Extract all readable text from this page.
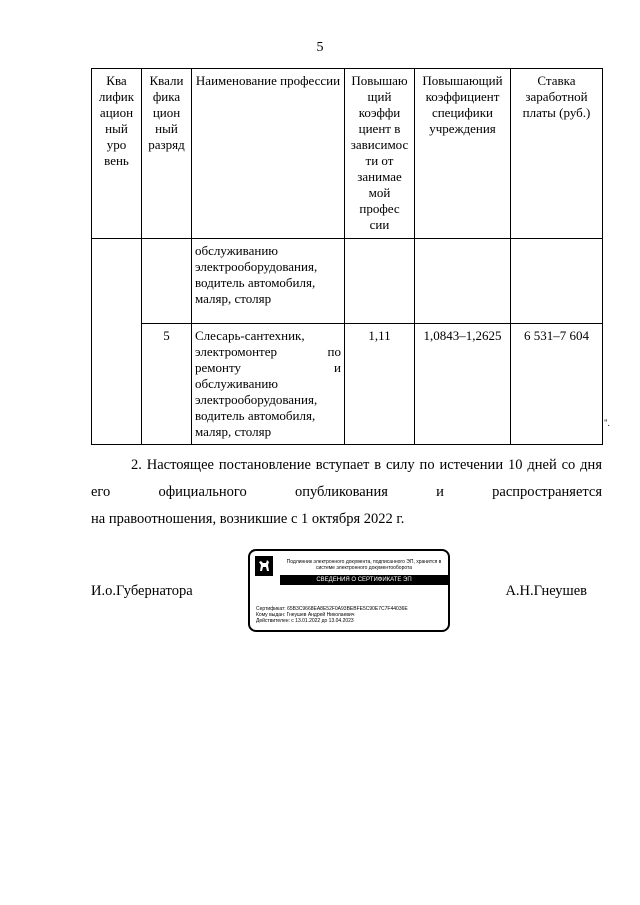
5
Ква лифик ацион ный уро вень	Квали фика цион ный разряд	Наименование профессии	Повышаю щий коэффи циент в зависимос ти от занимае мой профес сии	Повышающий коэффициент специфики учреждения	Ставка заработной платы (руб.)
		обслуживанию электрооборудования, водитель автомобиля, маляр, столяр			
	5	Слесарь-сантехник, электромонтер по ремонту и
обслуживанию электрооборудования, водитель автомобиля, маляр, столяр	1,11	1,0843–1,2625	6 531–7 604
".
2. Настоящее постановление вступает в силу по истечении 10 дней со дня его официального опубликования и распространяется
на правоотношения, возникшие с 1 октября 2022 г.
И.о.Губернатора
Подлинник электронного документа, подписанного ЭП, хранится в системе электронного документооборота
СВЕДЕНИЯ О СЕРТИФИКАТЕ ЭП
Сертификат: 65B3C9668EA8E52F0A93BEBFE5C90E7C7F44036E
Кому выдан: Гнеушев Андрей Николаевич
Действителен: с 13.01.2022 до 13.04.2023
А.Н.Гнеушев
